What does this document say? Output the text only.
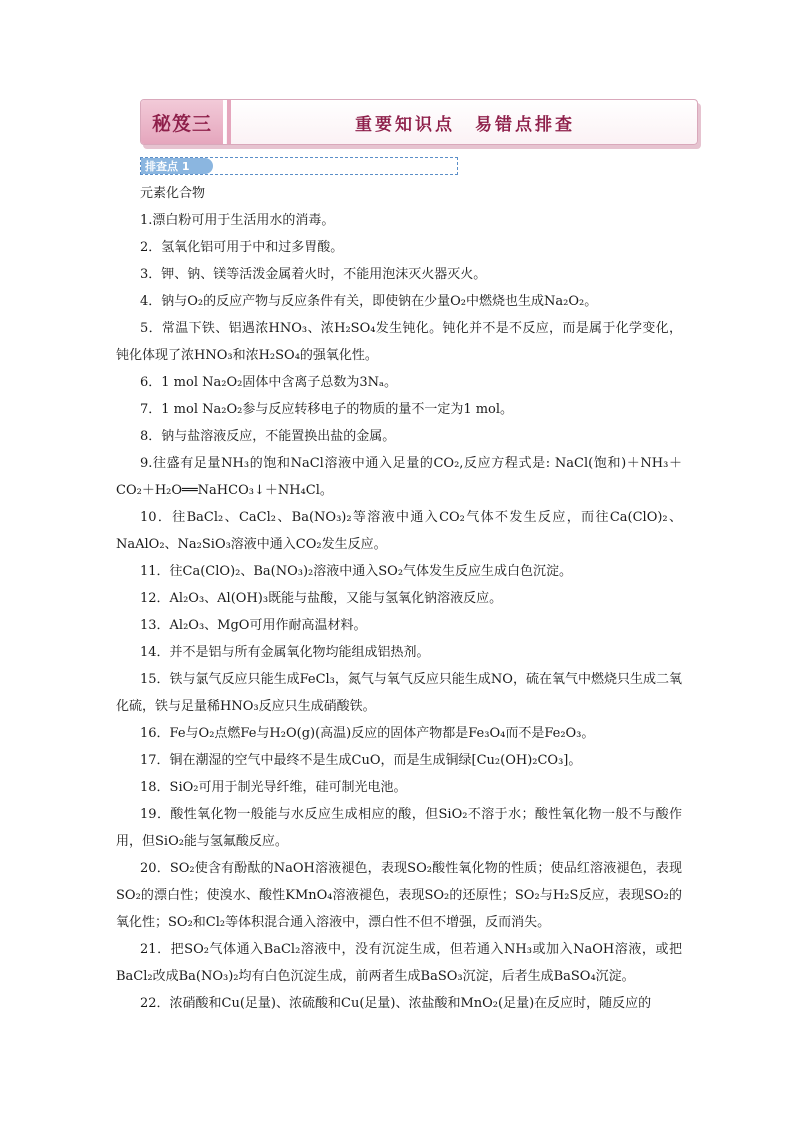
秘笈三	重要知识点　易错点排查
排查点 1
元素化合物

1.漂白粉可用于生活用水的消毒。

2．氢氧化铝可用于中和过多胃酸。

3．钾、钠、镁等活泼金属着火时，不能用泡沫灭火器灭火。

4．钠与O₂的反应产物与反应条件有关，即使钠在少量O₂中燃烧也生成Na₂O₂。

5．常温下铁、铝遇浓HNO₃、浓H₂SO₄发生钝化。钝化并不是不反应，而是属于化学变化，钝化体现了浓HNO₃和浓H₂SO₄的强氧化性。

6．1 mol Na₂O₂固体中含离子总数为3Nₐ。

7．1 mol Na₂O₂参与反应转移电子的物质的量不一定为1 mol。

8．钠与盐溶液反应，不能置换出盐的金属。

9.往盛有足量NH₃的饱和NaCl溶液中通入足量的CO₂,反应方程式是: NaCl(饱和)＋NH₃＋CO₂＋H₂O══NaHCO₃↓＋NH₄Cl。

10．往BaCl₂、CaCl₂、Ba(NO₃)₂等溶液中通入CO₂气体不发生反应，而往Ca(ClO)₂、NaAlO₂、Na₂SiO₃溶液中通入CO₂发生反应。

11．往Ca(ClO)₂、Ba(NO₃)₂溶液中通入SO₂气体发生反应生成白色沉淀。

12．Al₂O₃、Al(OH)₃既能与盐酸，又能与氢氧化钠溶液反应。

13．Al₂O₃、MgO可用作耐高温材料。

14．并不是铝与所有金属氧化物均能组成铝热剂。

15．铁与氯气反应只能生成FeCl₃，氮气与氧气反应只能生成NO，硫在氧气中燃烧只生成二氧化硫，铁与足量稀HNO₃反应只生成硝酸铁。

16．Fe与O₂点燃Fe与H₂O(g)(高温)反应的固体产物都是Fe₃O₄而不是Fe₂O₃。

17．铜在潮湿的空气中最终不是生成CuO，而是生成铜绿[Cu₂(OH)₂CO₃]。

18．SiO₂可用于制光导纤维，硅可制光电池。

19．酸性氧化物一般能与水反应生成相应的酸，但SiO₂不溶于水；酸性氧化物一般不与酸作用，但SiO₂能与氢氟酸反应。

20．SO₂使含有酚酞的NaOH溶液褪色，表现SO₂酸性氧化物的性质；使品红溶液褪色，表现SO₂的漂白性；使溴水、酸性KMnO₄溶液褪色，表现SO₂的还原性；SO₂与H₂S反应，表现SO₂的氧化性；SO₂和Cl₂等体积混合通入溶液中，漂白性不但不增强，反而消失。

21．把SO₂气体通入BaCl₂溶液中，没有沉淀生成，但若通入NH₃或加入NaOH溶液，或把BaCl₂改成Ba(NO₃)₂均有白色沉淀生成，前两者生成BaSO₃沉淀，后者生成BaSO₄沉淀。

22．浓硝酸和Cu(足量)、浓硫酸和Cu(足量)、浓盐酸和MnO₂(足量)在反应时，随反应的
